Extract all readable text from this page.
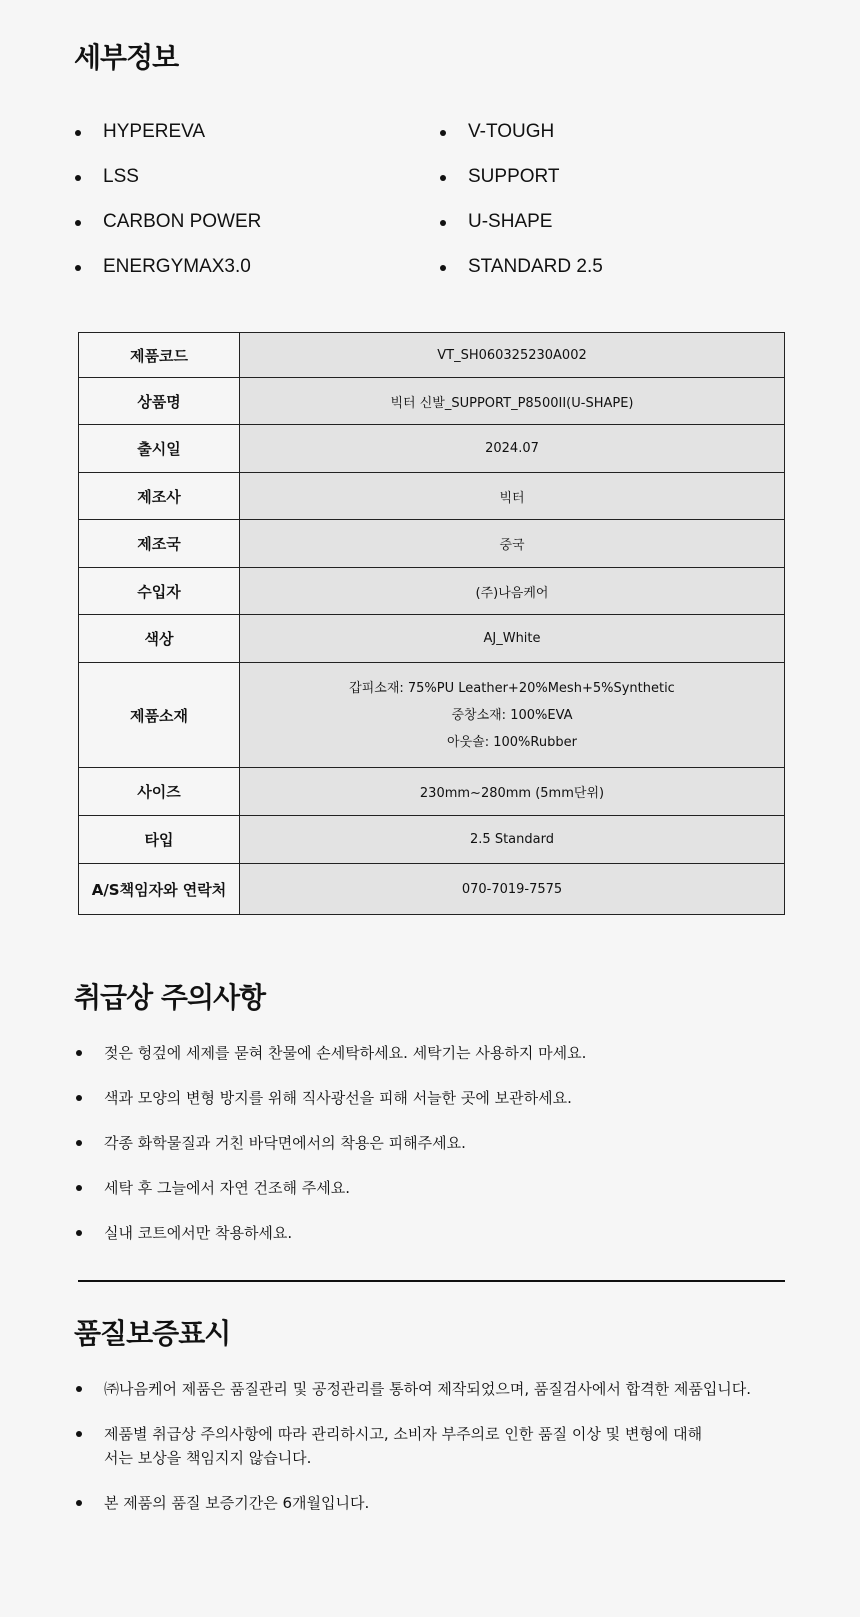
세부정보
HYPEREVA	V-TOUGH
LSS	SUPPORT
CARBON POWER	U-SHAPE
ENERGYMAX3.0	STANDARD 2.5
제품코드	VT_SH060325230A002
상품명	빅터 신발_SUPPORT_P8500II(U-SHAPE)
출시일	2024.07
제조사	빅터
제조국	중국
수입자	(주)나음케어
색상	AJ_White
제품소재	갑피소재: 75%PU Leather+20%Mesh+5%Synthetic
중창소재: 100%EVA
아웃솔: 100%Rubber

사이즈	230mm~280mm (5mm단위)
타입	2.5 Standard
A/S책임자와 연락처	070-7019-7575
취급상 주의사항
젖은 헝겊에 세제를 묻혀 찬물에 손세탁하세요. 세탁기는 사용하지 마세요.
색과 모양의 변형 방지를 위해 직사광선을 피해 서늘한 곳에 보관하세요.
각종 화학물질과 거친 바닥면에서의 착용은 피해주세요.
세탁 후 그늘에서 자연 건조해 주세요.
실내 코트에서만 착용하세요.
품질보증표시
㈜나음케어 제품은 품질관리 및 공정관리를 통하여 제작되었으며, 품질검사에서 합격한 제품입니다.
제품별 취급상 주의사항에 따라 관리하시고, 소비자 부주의로 인한 품질 이상 및 변형에 대해서는 보상을 책임지지 않습니다.
본 제품의 품질 보증기간은 6개월입니다.
